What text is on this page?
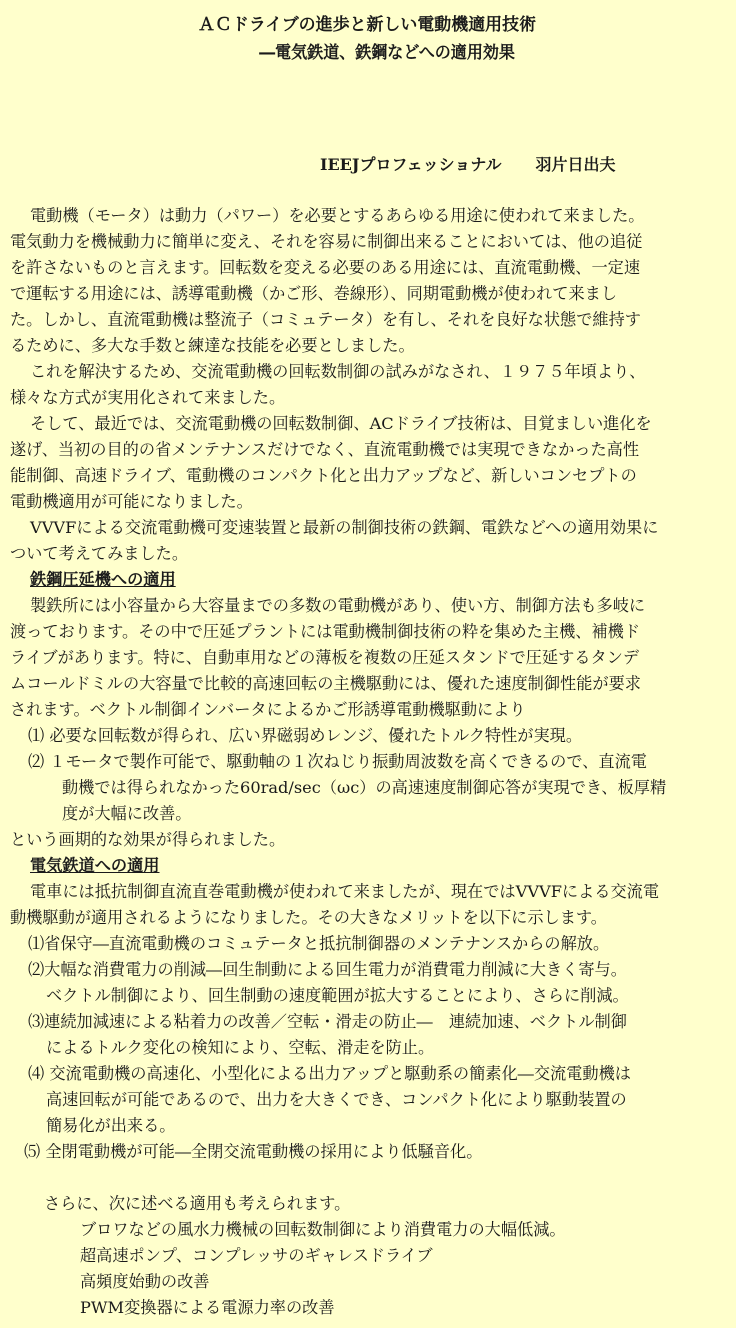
ＡＣドライブの進歩と新しい電動機適用技術
―電気鉄道、鉄鋼などへの適用効果
IEEJプロフェッショナル 羽片日出夫
電動機（モータ）は動力（パワー）を必要とするあらゆる用途に使われて来ました。
電気動力を機械動力に簡単に変え、それを容易に制御出来ることにおいては、他の追従
を許さないものと言えます。回転数を変える必要のある用途には、直流電動機、一定速
で運転する用途には、誘導電動機（かご形、巻線形）、同期電動機が使われて来まし
た。しかし、直流電動機は整流子（コミュテータ）を有し、それを良好な状態で維持す
るために、多大な手数と練達な技能を必要としました。
これを解決するため、交流電動機の回転数制御の試みがなされ、１９７５年頃より、
様々な方式が実用化されて来ました。
そして、最近では、交流電動機の回転数制御、ACドライブ技術は、目覚ましい進化を
遂げ、当初の目的の省メンテナンスだけでなく、直流電動機では実現できなかった高性
能制御、高速ドライブ、電動機のコンパクト化と出力アップなど、新しいコンセプトの
電動機適用が可能になりました。
VVVFによる交流電動機可変速装置と最新の制御技術の鉄鋼、電鉄などへの適用効果に
ついて考えてみました。
鉄鋼圧延機への適用
製鉄所には小容量から大容量までの多数の電動機があり、使い方、制御方法も多岐に
渡っております。その中で圧延プラントには電動機制御技術の粋を集めた主機、補機ド
ライブがあります。特に、自動車用などの薄板を複数の圧延スタンドで圧延するタンデ
ムコールドミルの大容量で比較的高速回転の主機駆動には、優れた速度制御性能が要求
されます。ベクトル制御インバータによるかご形誘導電動機駆動により
⑴ 必要な回転数が得られ、広い界磁弱めレンジ、優れたトルク特性が実現。
⑵ １モータで製作可能で、駆動軸の１次ねじり振動周波数を高くできるので、直流電
動機では得られなかった60rad/sec（ωc）の高速速度制御応答が実現でき、板厚精
度が大幅に改善。
という画期的な効果が得られました。
電気鉄道への適用
電車には抵抗制御直流直巻電動機が使われて来ましたが、現在ではVVVFによる交流電
動機駆動が適用されるようになりました。その大きなメリットを以下に示します。
⑴省保守―直流電動機のコミュテータと抵抗制御器のメンテナンスからの解放。
⑵大幅な消費電力の削減―回生制動による回生電力が消費電力削減に大きく寄与。
ベクトル制御により、回生制動の速度範囲が拡大することにより、さらに削減。
⑶連続加減速による粘着力の改善／空転・滑走の防止―　連続加速、ベクトル制御
によるトルク変化の検知により、空転、滑走を防止。
⑷ 交流電動機の高速化、小型化による出力アップと駆動系の簡素化―交流電動機は
高速回転が可能であるので、出力を大きくでき、コンパクト化により駆動装置の
簡易化が出来る。
⑸ 全閉電動機が可能―全閉交流電動機の採用により低騒音化。
さらに、次に述べる適用も考えられます。
ブロワなどの風水力機械の回転数制御により消費電力の大幅低減。
超高速ポンプ、コンプレッサのギャレスドライブ
高頻度始動の改善
PWM変換器による電源力率の改善
